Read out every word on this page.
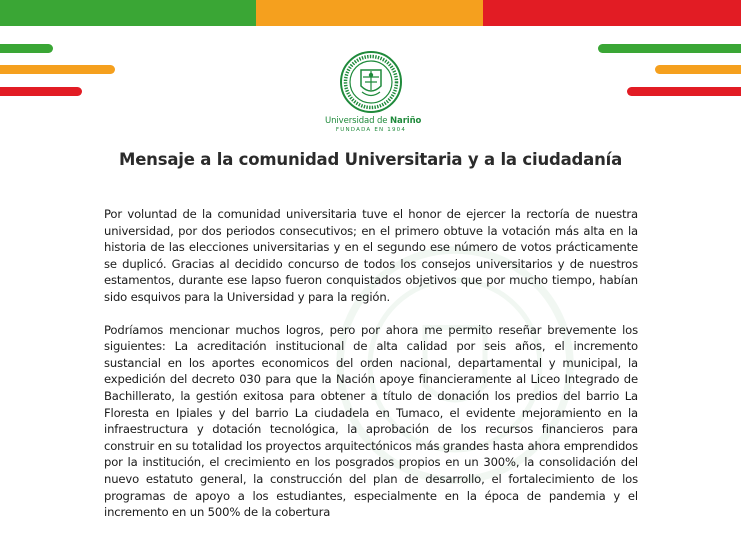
Universidad de Nariño
FUNDADA EN 1904
Mensaje a la comunidad Universitaria y a la ciudadanía

Por voluntad de la comunidad universitaria tuve el honor de ejercer la rectoría de nuestra universidad, por dos periodos consecutivos; en el primero obtuve la votación más alta en la historia de las elecciones universitarias y en el segundo ese número de votos prácticamente se duplicó. Gracias al decidido concurso de todos los consejos universitarios y de nuestros estamentos, durante ese lapso fueron conquistados objetivos que por mucho tiempo, habían sido esquivos para la Universidad y para la región.

Podríamos mencionar muchos logros, pero por ahora me permito reseñar brevemente los siguientes: La acreditación institucional de alta calidad por seis años, el incremento sustancial en los aportes economicos del orden nacional, departamental y municipal, la expedición del decreto 030 para que la Nación apoye financieramente al Liceo Integrado de Bachillerato, la gestión exitosa para obtener a título de donación los predios del barrio La Floresta en Ipiales y del barrio La ciudadela en Tumaco, el evidente mejoramiento en la infraestructura y dotación tecnológica, la aprobación de los recursos financieros para construir en su totalidad los proyectos arquitectónicos más grandes hasta ahora emprendidos por la institución, el crecimiento en los posgrados propios en un 300%, la consolidación del nuevo estatuto general, la construcción del plan de desarrollo, el fortalecimiento de los programas de apoyo a los estudiantes, especialmente en la época de pandemia y el incremento en un 500% de la cobertura
